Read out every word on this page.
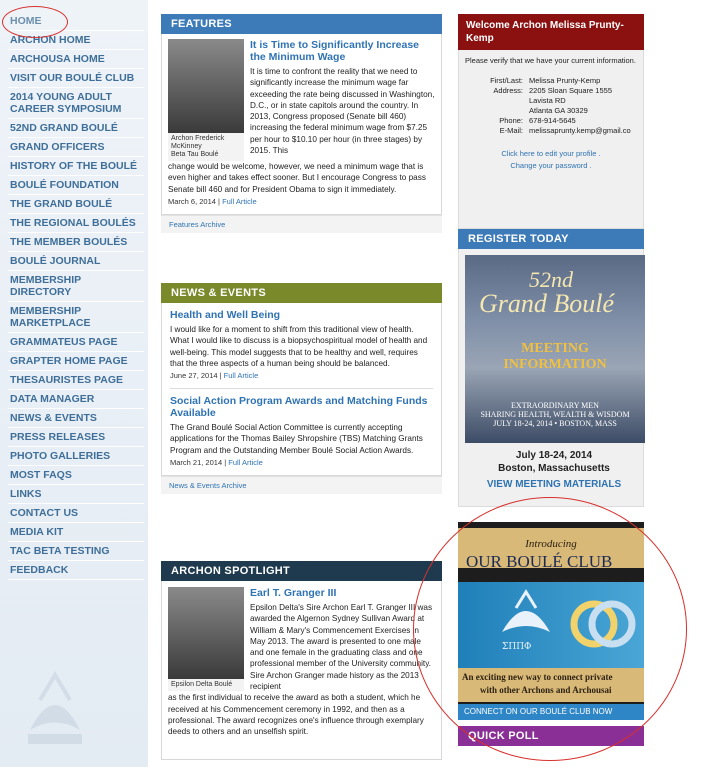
HOME
ARCHON HOME
ARCHOUSA HOME
VISIT OUR BOULÉ CLUB
2014 YOUNG ADULT CAREER SYMPOSIUM
52ND GRAND BOULÉ
GRAND OFFICERS
HISTORY OF THE BOULÉ
BOULÉ FOUNDATION
THE GRAND BOULÉ
THE REGIONAL BOULÉS
THE MEMBER BOULÉS
BOULÉ JOURNAL
MEMBERSHIP DIRECTORY
MEMBERSHIP MARKETPLACE
GRAMMATEUS PAGE
GRAPTER HOME PAGE
THESAURISTES PAGE
DATA MANAGER
NEWS & EVENTS
PRESS RELEASES
PHOTO GALLERIES
MOST FAQS
LINKS
CONTACT US
MEDIA KIT
TAC BETA TESTING
FEEDBACK
FEATURES
Archon Frederick McKinney
Beta Tau Boulé
It is Time to Significantly Increase the Minimum Wage
It is time to confront the reality that we need to significantly increase the minimum wage far exceeding the rate being discussed in Washington, D.C., or in state capitols around the country. In 2013, Congress proposed (Senate bill 460) increasing the federal minimum wage from $7.25 per hour to $10.10 per hour (in three stages) by 2015. This
change would be welcome, however, we need a minimum wage that is even higher and takes effect sooner. But I encourage Congress to pass Senate bill 460 and for President Obama to sign it immediately.
March 6, 2014 | Full Article
Features Archive
NEWS & EVENTS
Health and Well Being
I would like for a moment to shift from this traditional view of health. What I would like to discuss is a biopsychospiritual model of health and well-being. This model suggests that to be healthy and well, requires that the three aspects of a human being should be balanced.
June 27, 2014 | Full Article
Social Action Program Awards and Matching Funds Available
The Grand Boulé Social Action Committee is currently accepting applications for the Thomas Bailey Shropshire (TBS) Matching Grants Program and the Outstanding Member Boulé Social Action Awards.
March 21, 2014 | Full Article
News & Events Archive
ARCHON SPOTLIGHT
Epsilon Delta Boulé
Earl T. Granger III
Epsilon Delta's Sire Archon Earl T. Granger III was awarded the Algernon Sydney Sullivan Award at William & Mary's Commencement Exercises in May 2013. The award is presented to one male and one female in the graduating class and one professional member of the University community. Sire Archon Granger made history as the 2013 recipient
as the first individual to receive the award as both a student, which he received at his Commencement ceremony in 1992, and then as a professional. The award recognizes one's influence through exemplary deeds to others and an unselfish spirit.
Welcome Archon Melissa Prunty-Kemp
Please verify that we have your current information.
First/Last: Melissa Prunty-Kemp
Address: 2205 Sloan Square 1555
Lavista RD
Atlanta GA 30329
Phone: 678-914-5645
E-Mail: melissaprunty.kemp@gmail.co
Click here to edit your profile .
Change your password .
REGISTER TODAY
52nd
Grand Boulé
MEETING
INFORMATION
EXTRAORDINARY MEN
SHARING HEALTH, WEALTH & WISDOM
JULY 18-24, 2014 • BOSTON, MASS
July 18-24, 2014
Boston, Massachusetts
VIEW MEETING MATERIALS
Introducing
OUR BOULÉ CLUB
ΣΠΠΦ
An exciting new way to connect private
with other Archons and Archousai
CONNECT ON OUR BOULÉ CLUB NOW
QUICK POLL
